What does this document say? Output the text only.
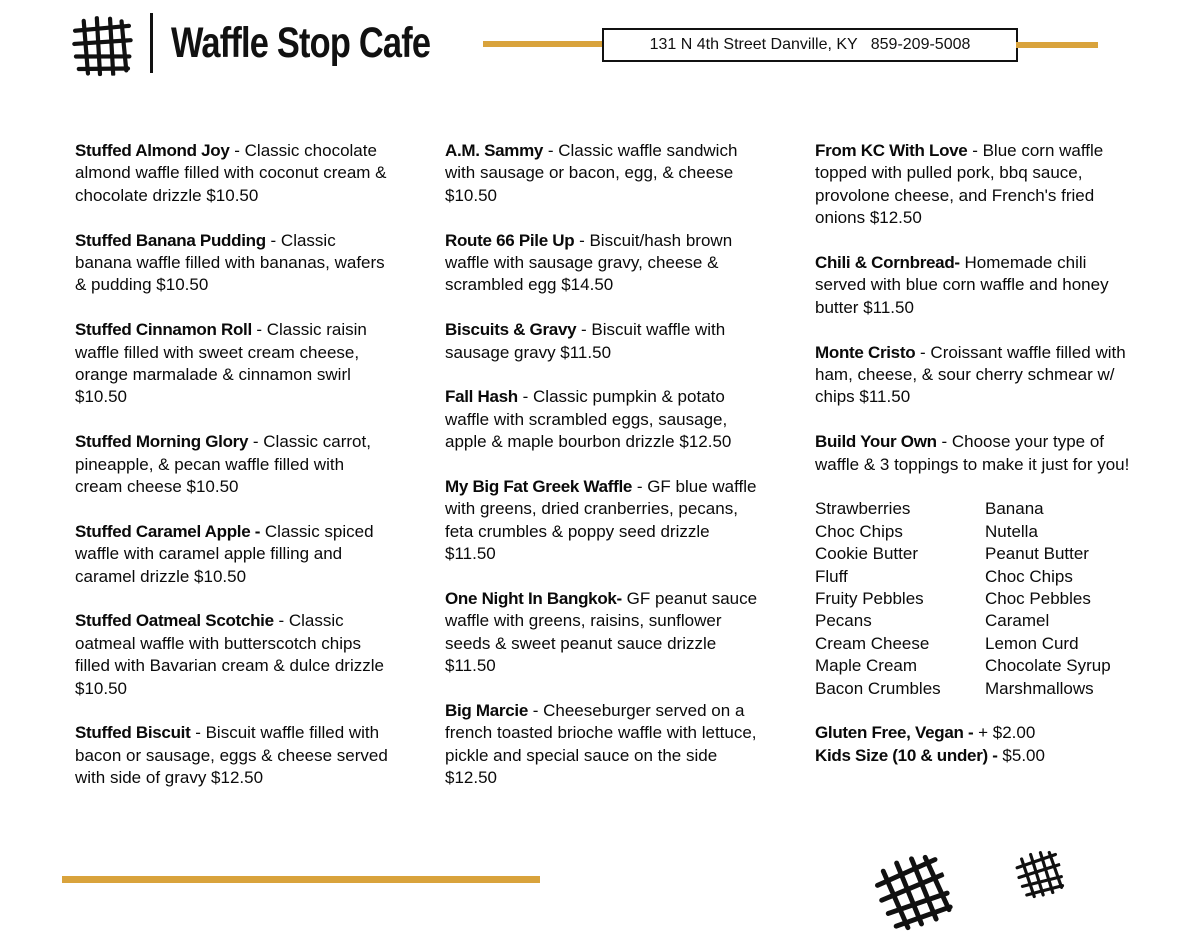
Waffle Stop Cafe	131 N 4th Street Danville, KY   859-209-5008

Stuffed Almond Joy - Classic chocolate almond waffle filled with coconut cream & chocolate drizzle $10.50

Stuffed Banana Pudding - Classic banana waffle filled with bananas, wafers & pudding $10.50

Stuffed Cinnamon Roll - Classic raisin waffle filled with sweet cream cheese, orange marmalade & cinnamon swirl $10.50

Stuffed Morning Glory - Classic carrot, pineapple, & pecan waffle filled with cream cheese $10.50

Stuffed Caramel Apple - Classic spiced waffle with caramel apple filling and caramel drizzle $10.50

Stuffed Oatmeal Scotchie - Classic oatmeal waffle with butterscotch chips filled with Bavarian cream & dulce drizzle $10.50

Stuffed Biscuit - Biscuit waffle filled with bacon or sausage, eggs & cheese served with side of gravy $12.50

A.M. Sammy - Classic waffle sandwich with sausage or bacon, egg, & cheese $10.50

Route 66 Pile Up - Biscuit/hash brown waffle with sausage gravy, cheese & scrambled egg $14.50

Biscuits & Gravy - Biscuit waffle with sausage gravy $11.50

Fall Hash - Classic pumpkin & potato waffle with scrambled eggs, sausage, apple & maple bourbon drizzle $12.50

My Big Fat Greek Waffle - GF blue waffle with greens, dried cranberries, pecans, feta crumbles & poppy seed drizzle $11.50

One Night In Bangkok- GF peanut sauce waffle with greens, raisins, sunflower seeds & sweet peanut sauce drizzle $11.50

Big Marcie - Cheeseburger served on a french toasted brioche waffle with lettuce, pickle and special sauce on the side $12.50

From KC With Love - Blue corn waffle topped with pulled pork, bbq sauce, provolone cheese, and French's fried onions $12.50

Chili & Cornbread- Homemade chili served with blue corn waffle and honey butter $11.50

Monte Cristo - Croissant waffle filled with ham, cheese, & sour cherry schmear w/ chips $11.50

Build Your Own - Choose your type of waffle & 3 toppings to make it just for you!

Strawberries	Banana
Choc Chips	Nutella
Cookie Butter	Peanut Butter
Fluff	Choc Chips
Fruity Pebbles	Choc Pebbles
Pecans	Caramel
Cream Cheese	Lemon Curd
Maple Cream	Chocolate Syrup
Bacon Crumbles	Marshmallows

Gluten Free, Vegan - + $2.00

Kids Size (10 & under) - $5.00
